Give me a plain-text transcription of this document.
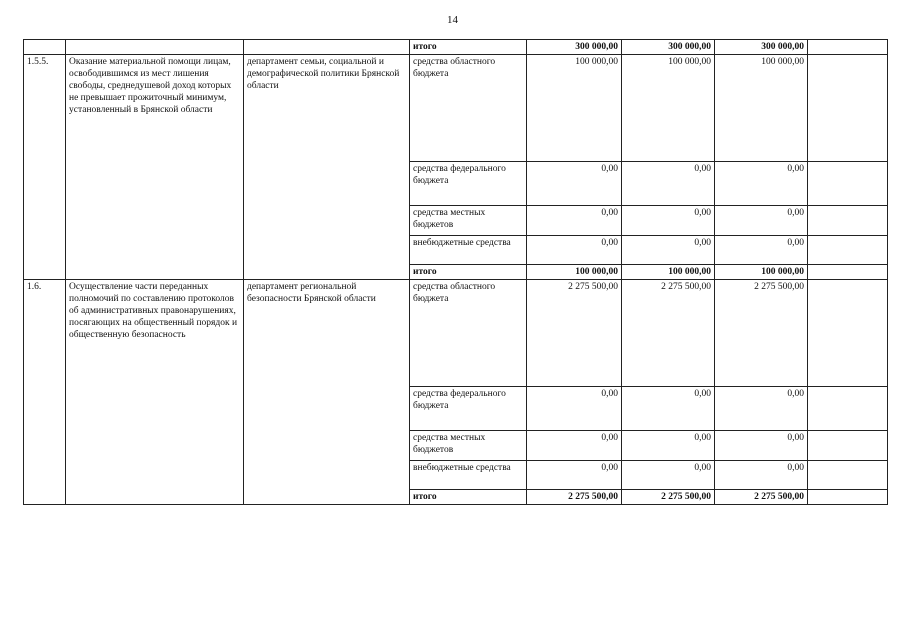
14
			итого	300 000,00	300 000,00	300 000,00	
1.5.5.	Оказание материальной помощи лицам, освободившимся из мест лишения свободы, среднедушевой доход которых не превышает прожиточный минимум, установленный в Брянской области	департамент семьи, социальной и демографической политики Брянской области	средства областного бюджета	100 000,00	100 000,00	100 000,00	
			средства федерального бюджета	0,00	0,00	0,00	
			средства местных бюджетов	0,00	0,00	0,00	
			внебюджетные средства	0,00	0,00	0,00	
			итого	100 000,00	100 000,00	100 000,00	
1.6.	Осуществление части переданных полномочий по составлению протоколов об административных правонарушениях, посягающих на общественный порядок и общественную безопасность	департамент региональной безопасности Брянской области	средства областного бюджета	2 275 500,00	2 275 500,00	2 275 500,00	
			средства федерального бюджета	0,00	0,00	0,00	
			средства местных бюджетов	0,00	0,00	0,00	
			внебюджетные средства	0,00	0,00	0,00	
			итого	2 275 500,00	2 275 500,00	2 275 500,00	
